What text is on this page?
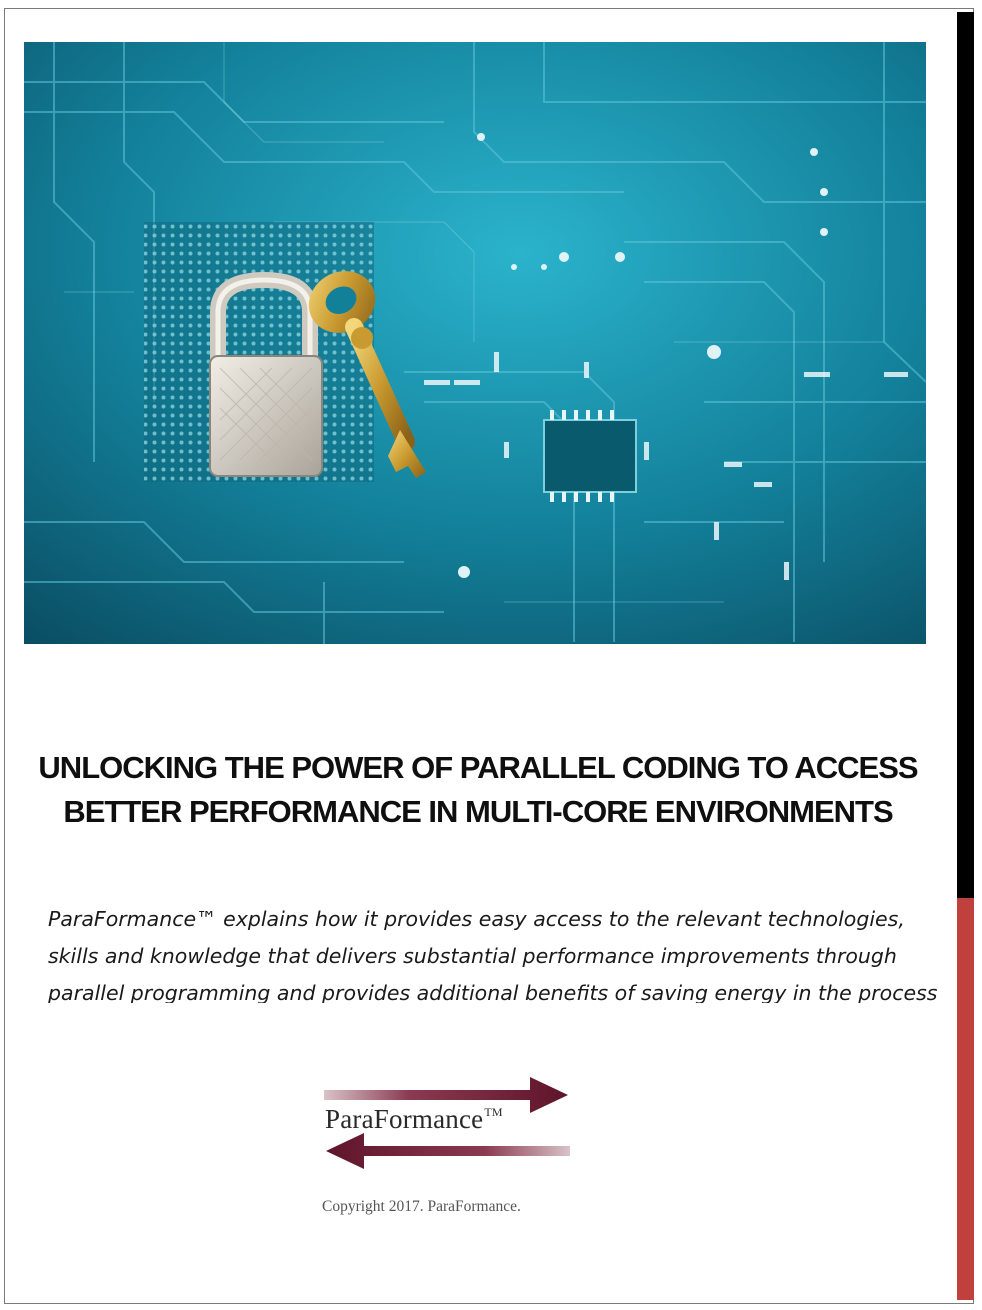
UNLOCKING THE POWER OF PARALLEL CODING TO ACCESS
BETTER PERFORMANCE IN MULTI-CORE ENVIRONMENTS

ParaFormance™ explains how it provides easy access to the relevant technologies,
skills and knowledge that delivers substantial performance improvements through
parallel programming and provides additional benefits of saving energy in the process

ParaFormance™

Copyright 2017. ParaFormance.
